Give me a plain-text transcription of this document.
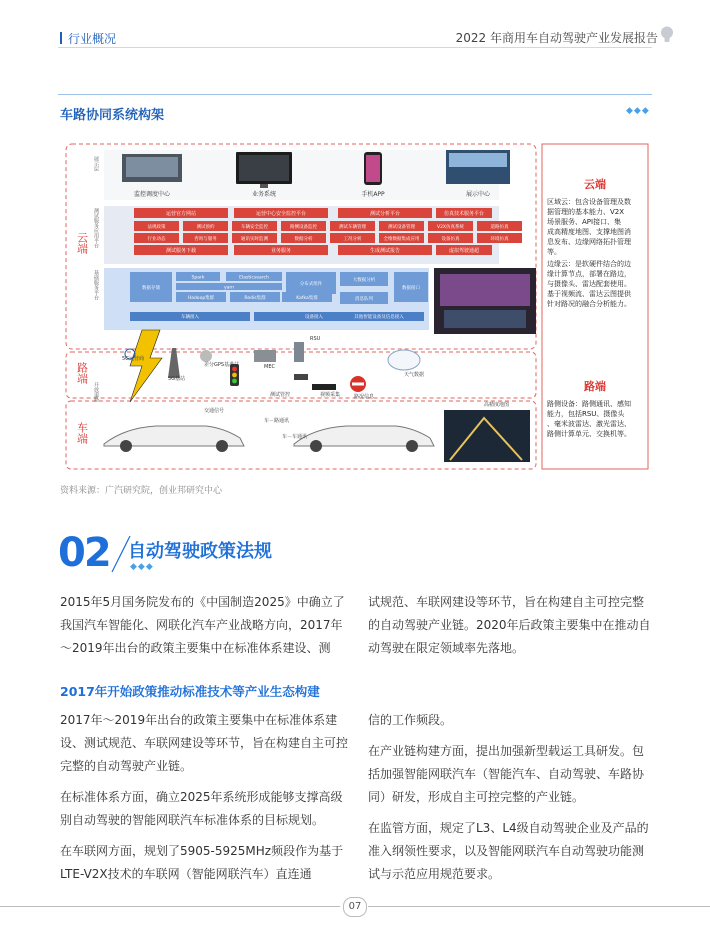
行业概况	2022 年商用车自动驾驶产业发展报告
车路协同系统构架	◆◆◆
云端
路端
车端
监控调度中心	业务系统	手机APP	展示中心
运营官方网站	运营中心安全监控平台	测试分析平台	仿真技术服务平台
法规政策	测试预约	车辆安全监控	路侧设备监控	测试车辆管理	测试设备管理	V2X仿真系统	道路仿真
行业动态	咨询与服务	通讯实时监测	数据分析	工况分析	全维数据集成应用	设备仿真	环境仿真
测试服务下载	业务服务	生成测试报告	虚拟驾驶通超
数据存储
Spark	Elasticsearch
yarn
分布式组件
大数据分析
数据接口
Hadoop集群	Redis集群	Kafka集群	消息队列
车辆接入	设备接入	其他智能设备及信息接入
展示层
测试服务应用平台
基础服务平台
开放道路
5G运营商
5G基站
差分GPS基准站	MEC
RSU
测试管控	视频采集	路况信息
天气数据
交通信号
车－路通讯
车－车通讯
高精度地图
云端
路端
区域云：包含设备管理及数
据管理的基本能力、V2X
场景服务、API接口、集
成高精度地图、支撑地图消
息发布、边缘网络拓扑管理
等。
边缘云：是软硬件结合的边
缘计算节点，部署在路边，
与摄像头、雷达配套使用。
基于视频流、雷达云图提供
针对路况的融合分析能力。
路侧设备：路侧通讯、感知
能力，包括RSU、摄像头
、毫米波雷达、激光雷达、
路侧计算单元、交换机等。
资料来源：广汽研究院，创业邦研究中心
02 自动驾驶政策法规
◆◆◆
2015年5月国务院发布的《中国制造2025》中确立了我国汽车智能化、网联化汽车产业战略方向，2017年～2019年出台的政策主要集中在标准体系建设、测
试规范、车联网建设等环节，旨在构建自主可控完整的自动驾驶产业链。2020年后政策主要集中在推动自动驾驶在限定领域率先落地。
2017年开始政策推动标准技术等产业生态构建

2017年～2019年出台的政策主要集中在标准体系建设、测试规范、车联网建设等环节，旨在构建自主可控完整的自动驾驶产业链。

在标准体系方面，确立2025年系统形成能够支撑高级别自动驾驶的智能网联汽车标准体系的目标规划。

在车联网方面，规划了5905-5925MHz频段作为基于LTE-V2X技术的车联网（智能网联汽车）直连通

信的工作频段。

在产业链构建方面，提出加强新型载运工具研发。包括加强智能网联汽车（智能汽车、自动驾驶、车路协同）研发，形成自主可控完整的产业链。

在监管方面，规定了L3、L4级自动驾驶企业及产品的准入纲领性要求，以及智能网联汽车自动驾驶功能测试与示范应用规范要求。

07
